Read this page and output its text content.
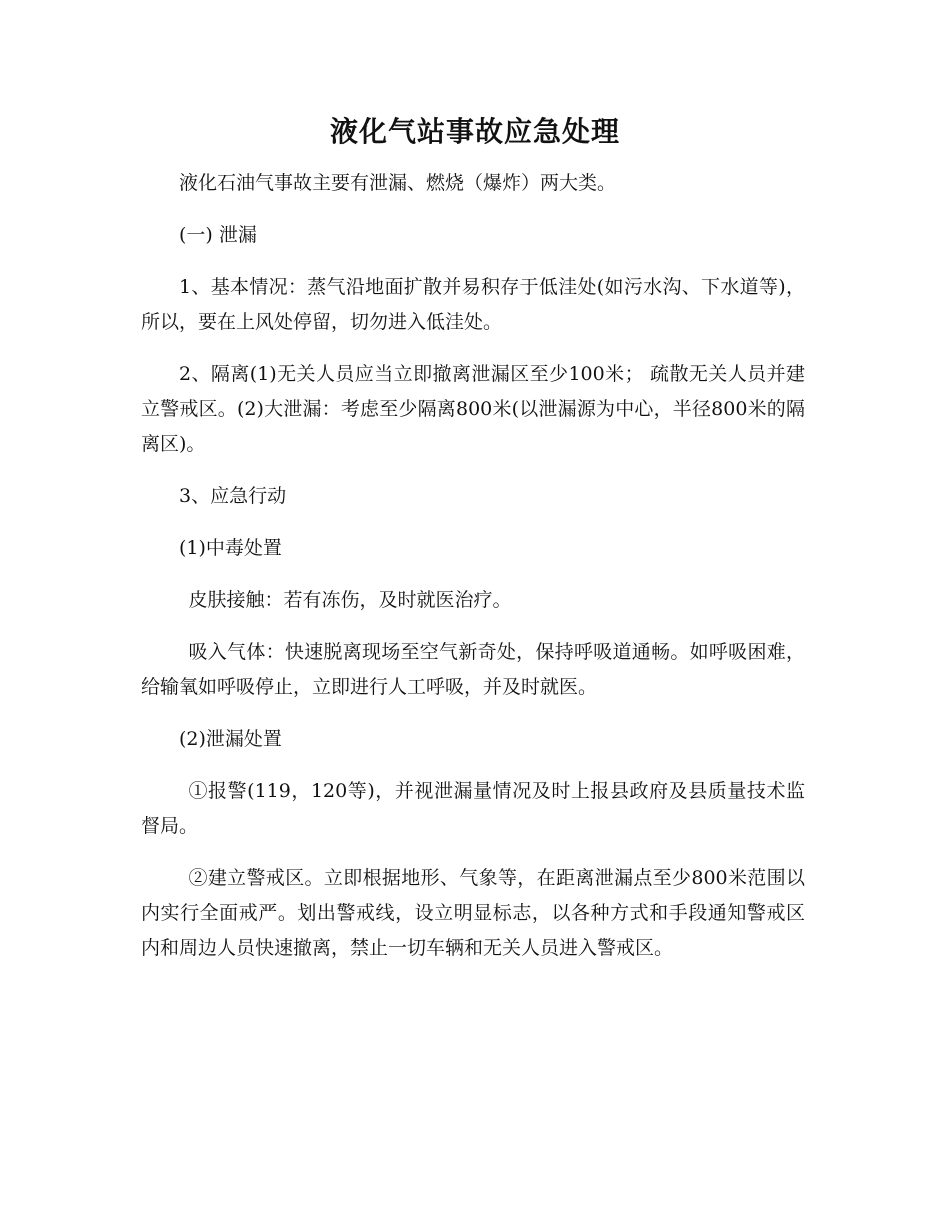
液化气站事故应急处理

液化石油气事故主要有泄漏、燃烧（爆炸）两大类。

(一) 泄漏

1、基本情况：蒸气沿地面扩散并易积存于低洼处(如污水沟、下水道等)，所以，要在上风处停留，切勿进入低洼处。

2、隔离(1)无关人员应当立即撤离泄漏区至少100米； 疏散无关人员并建立警戒区。(2)大泄漏：考虑至少隔离800米(以泄漏源为中心，半径800米的隔离区)。

3、应急行动

(1)中毒处置

皮肤接触：若有冻伤，及时就医治疗。

吸入气体：快速脱离现场至空气新奇处，保持呼吸道通畅。如呼吸困难，给输氧如呼吸停止，立即进行人工呼吸，并及时就医。

(2)泄漏处置

①报警(119，120等)，并视泄漏量情况及时上报县政府及县质量技术监督局。

②建立警戒区。立即根据地形、气象等，在距离泄漏点至少800米范围以内实行全面戒严。划出警戒线，设立明显标志，以各种方式和手段通知警戒区内和周边人员快速撤离，禁止一切车辆和无关人员进入警戒区。
